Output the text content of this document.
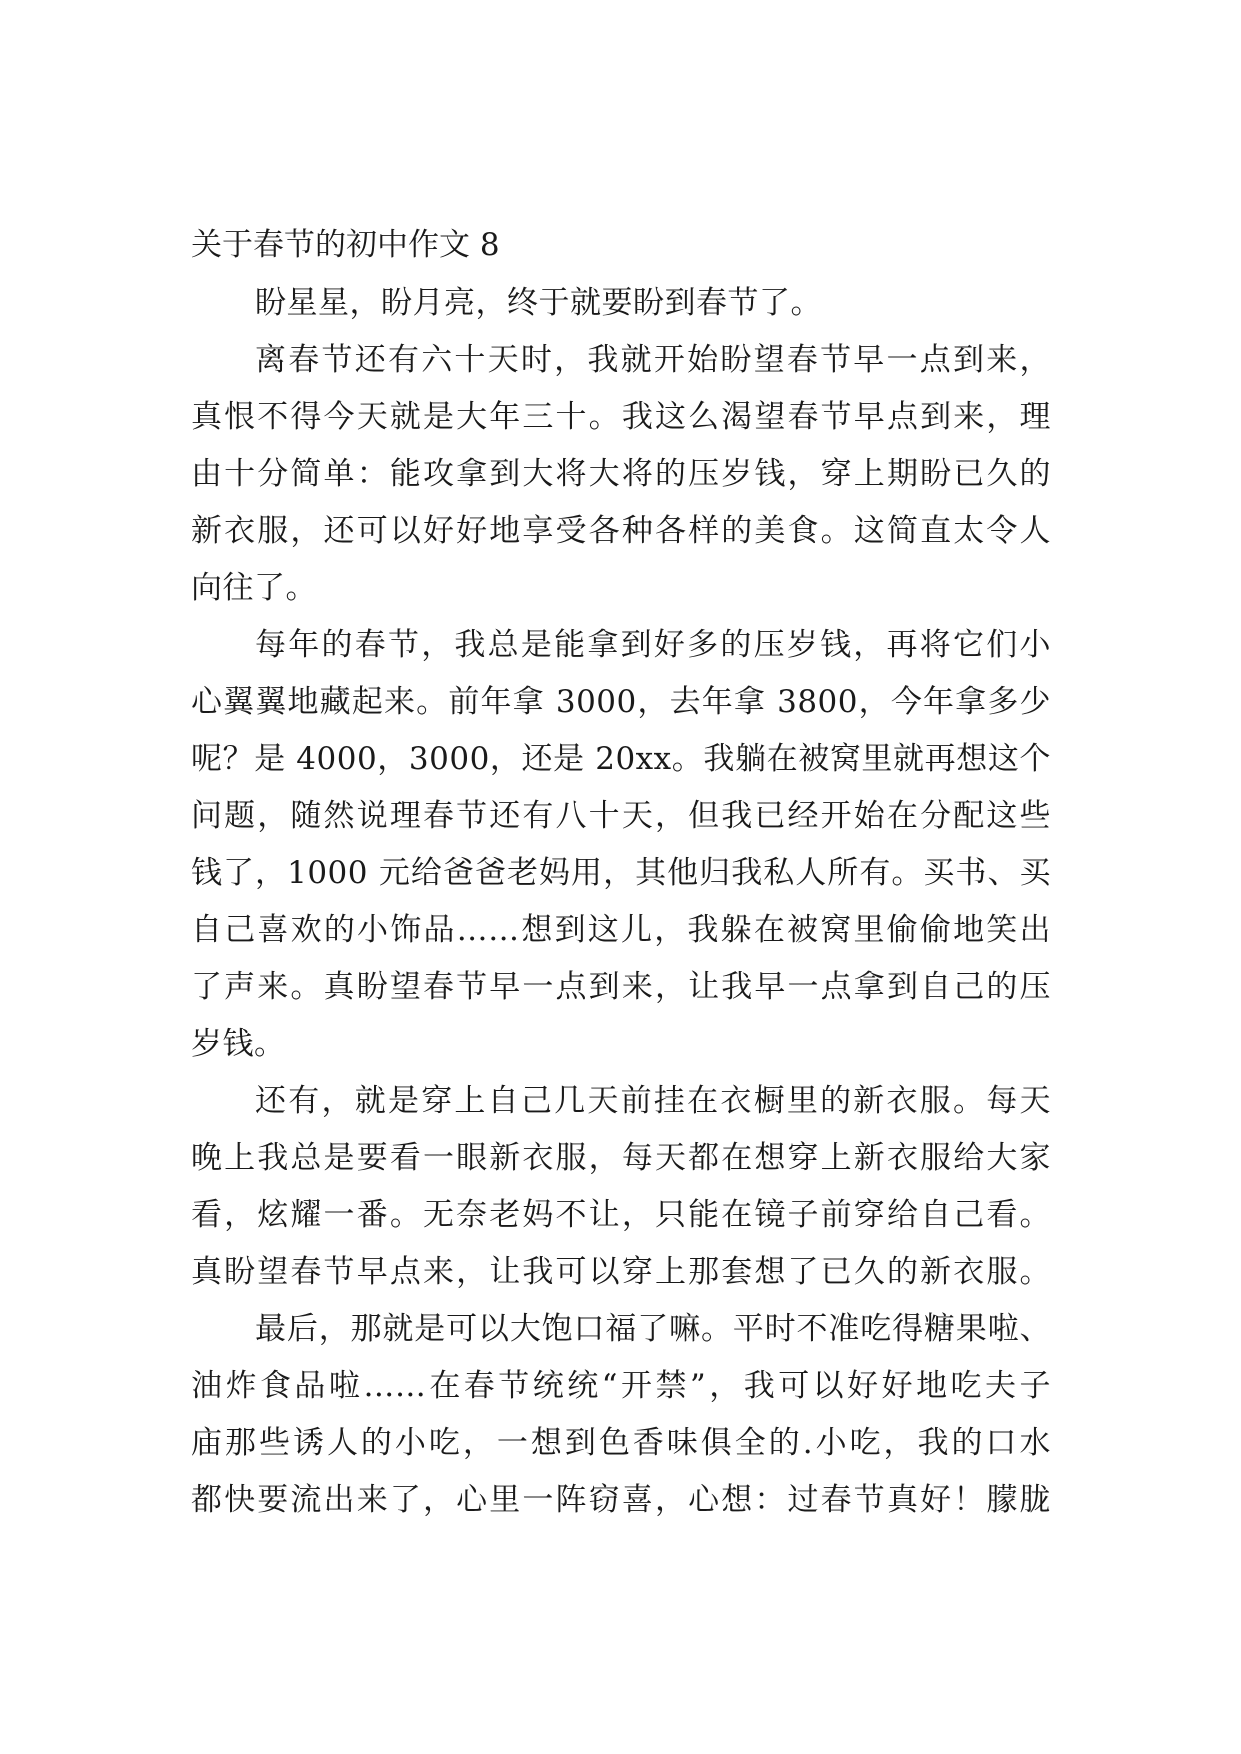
关于春节的初中作文 8
盼星星，盼月亮，终于就要盼到春节了。
离春节还有六十天时，我就开始盼望春节早一点到来，
真恨不得今天就是大年三十。我这么渴望春节早点到来，理
由十分简单：能攻拿到大将大将的压岁钱，穿上期盼已久的
新衣服，还可以好好地享受各种各样的美食。这简直太令人
向往了。
每年的春节，我总是能拿到好多的压岁钱，再将它们小
心翼翼地藏起来。前年拿 3000，去年拿 3800，今年拿多少
呢？是 4000，3000，还是 20xx。我躺在被窝里就再想这个
问题，随然说理春节还有八十天，但我已经开始在分配这些
钱了，1000 元给爸爸老妈用，其他归我私人所有。买书、买
自己喜欢的小饰品……想到这儿，我躲在被窝里偷偷地笑出
了声来。真盼望春节早一点到来，让我早一点拿到自己的压
岁钱。
还有，就是穿上自己几天前挂在衣橱里的新衣服。每天
晚上我总是要看一眼新衣服，每天都在想穿上新衣服给大家
看，炫耀一番。无奈老妈不让，只能在镜子前穿给自己看。
真盼望春节早点来，让我可以穿上那套想了已久的新衣服。
最后，那就是可以大饱口福了嘛。平时不准吃得糖果啦、
油炸食品啦……在春节统统“开禁”，我可以好好地吃夫子
庙那些诱人的小吃，一想到色香味俱全的.小吃，我的口水
都快要流出来了，心里一阵窃喜，心想：过春节真好！朦胧
